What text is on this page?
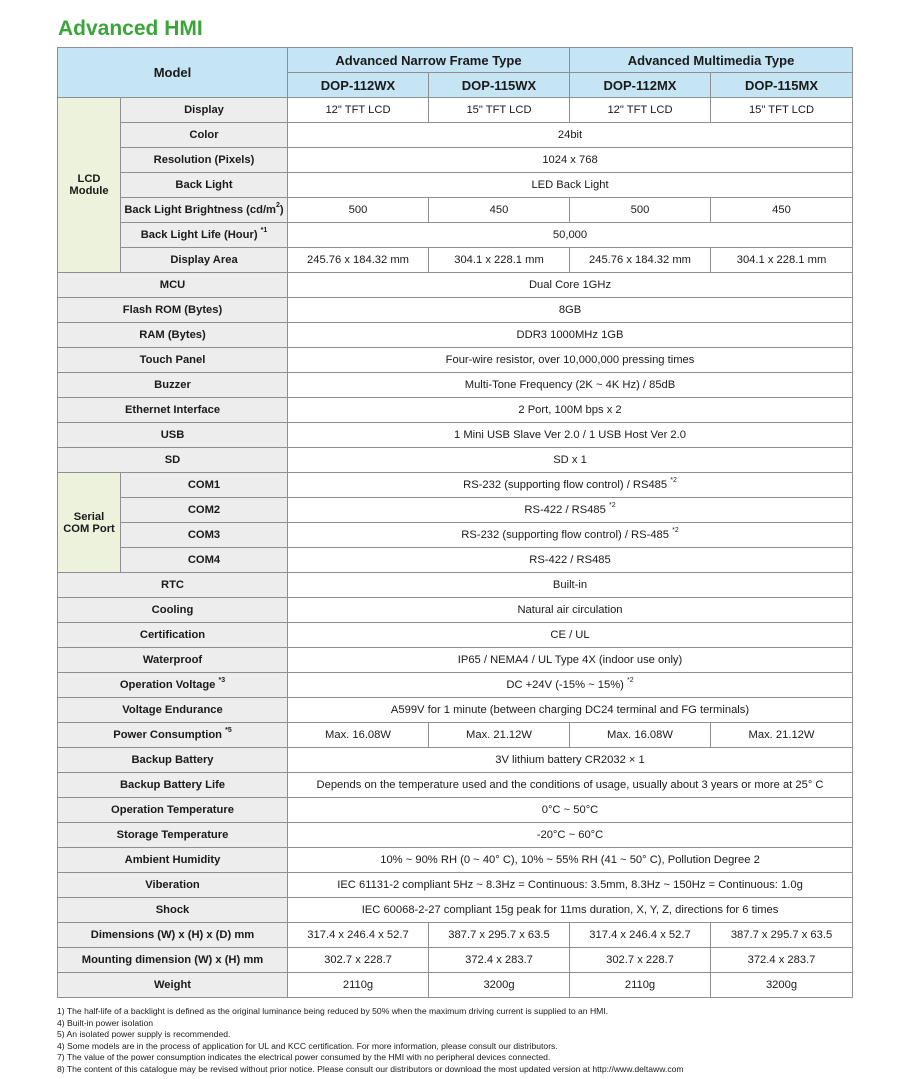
Advanced HMI
Model		Advanced Narrow Frame Type		Advanced Multimedia Type	
		DOP-112WX	DOP-115WX	DOP-112MX	DOP-115MX
LCD Module	Display	12" TFT LCD	15" TFT LCD	12" TFT LCD	15" TFT LCD
	Color	24bit			
	Resolution (Pixels)	1024 x 768			
	Back Light	LED Back Light			
	Back Light Brightness $(cd/m^2)$	500	450	500	450
	Back Light Life (Hour) $^{*1}$	50,000			
	Display Area	245.76 x 184.32 mm	304.1 x 228.1 mm	245.76 x 184.32 mm	304.1 x 228.1 mm
MCU		Dual Core 1GHz			
Flash ROM (Bytes)		8GB			
RAM (Bytes)		DDR3 1000MHz 1GB			
Touch Panel		Four-wire resistor, over 10,000,000 pressing times			
Buzzer		Multi-Tone Frequency (2K ~ 4K Hz) / 85dB			
Ethernet Interface		2 Port, 100M bps x 2			
USB		1 Mini USB Slave Ver 2.0 / 1 USB Host Ver 2.0			
SD		SD x 1			
Serial COM Port	COM1	RS-232 (supporting flow control) / RS485 $^{*2}$
	COM2	RS-422 / RS485 $^{*2}$
	COM3	RS-232 (supporting flow control) / RS-485 $^{*2}$
	COM4	RS-422 / RS485			
RTC		Built-in			
Cooling		Natural air circulation			
Certification		CE / UL			
Waterproof		IP65 / NEMA4 / UL Type 4X (indoor use only)			
Operation Voltage $^{*3}$		DC +24V (-15% ~ 15%) $^{*2}$
Voltage Endurance		A599V for 1 minute (between charging DC24 terminal and FG terminals)			
Power Consumption $^{*5}$		Max. 16.08W	Max. 21.12W	Max. 16.08W	Max. 21.12W
Backup Battery		3V lithium battery CR2032 × 1			
Backup Battery Life		Depends on the temperature used and the conditions of usage, usually about 3 years or more at 25° C			
Operation Temperature		0°C ~ 50°C			
Storage Temperature		-20°C ~ 60°C			
Ambient Humidity		10% ~ 90% RH (0 ~ 40° C), 10% ~ 55% RH (41 ~ 50° C), Pollution Degree 2			
Viberation		IEC 61131-2 compliant 5Hz ~ 8.3Hz = Continuous: 3.5mm, 8.3Hz ~ 150Hz = Continuous: 1.0g			
Shock		IEC 60068-2-27 compliant 15g peak for 11ms duration, X, Y, Z, directions for 6 times			
Dimensions (W) x (H) x (D) mm		317.4 x 246.4 x 52.7	387.7 x 295.7 x 63.5	317.4 x 246.4 x 52.7	387.7 x 295.7 x 63.5
Mounting dimension (W) x (H) mm		302.7 x 228.7	372.4 x 283.7	302.7 x 228.7	372.4 x 283.7
Weight		2110g	3200g	2110g	3200g
1) The half-life of a backlight is defined as the original luminance being reduced by 50% when the maximum driving current is supplied to an HMI.
4) Built-in power isolation
5) An isolated power supply is recommended.
4) Some models are in the process of application for UL and KCC certification. For more information, please consult our distributors.
7) The value of the power consumption indicates the electrical power consumed by the HMI with no peripheral devices connected.
8) The content of this catalogue may be revised without prior notice. Please consult our distributors or download the most updated version at http://www.deltaww.com
